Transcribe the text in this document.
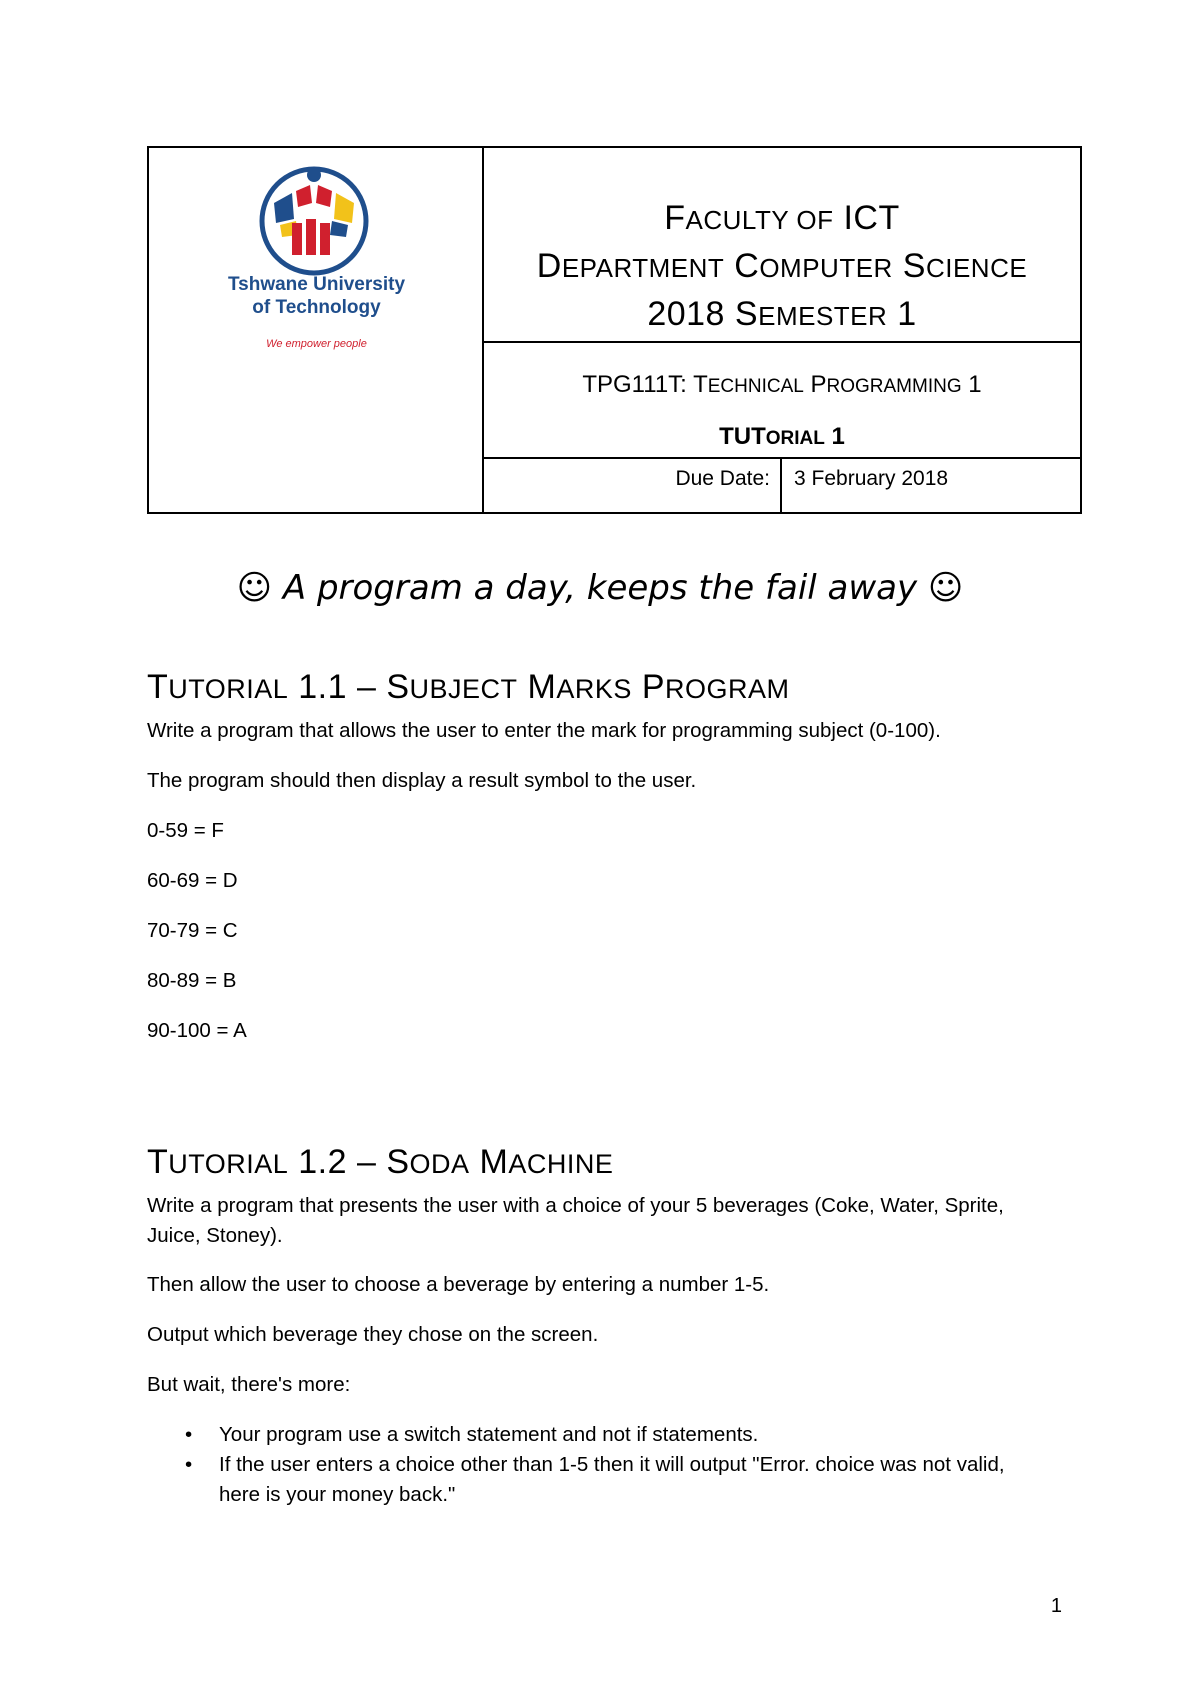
Tshwane University
of Technology
We empower people
FACULTY OF ICT
DEPARTMENT COMPUTER SCIENCE
2018 SEMESTER 1
TPG111T: TECHNICAL PROGRAMMING 1
TUTORIAL 1
Due Date: 3 February 2018
☺ A program a day, keeps the fail away ☺
TUTORIAL 1.1 – SUBJECT MARKS PROGRAM
Write a program that allows the user to enter the mark for programming subject (0-100).
The program should then display a result symbol to the user.
0-59 = F
60-69 = D
70-79 = C
80-89 = B
90-100 = A
TUTORIAL 1.2 – SODA MACHINE
Write a program that presents the user with a choice of your 5 beverages (Coke, Water, Sprite, Juice, Stoney).
Then allow the user to choose a beverage by entering a number 1-5.
Output which beverage they chose on the screen.
But wait, there's more:
• Your program use a switch statement and not if statements.
• If the user enters a choice other than 1-5 then it will output "Error. choice was not valid, here is your money back."
1
